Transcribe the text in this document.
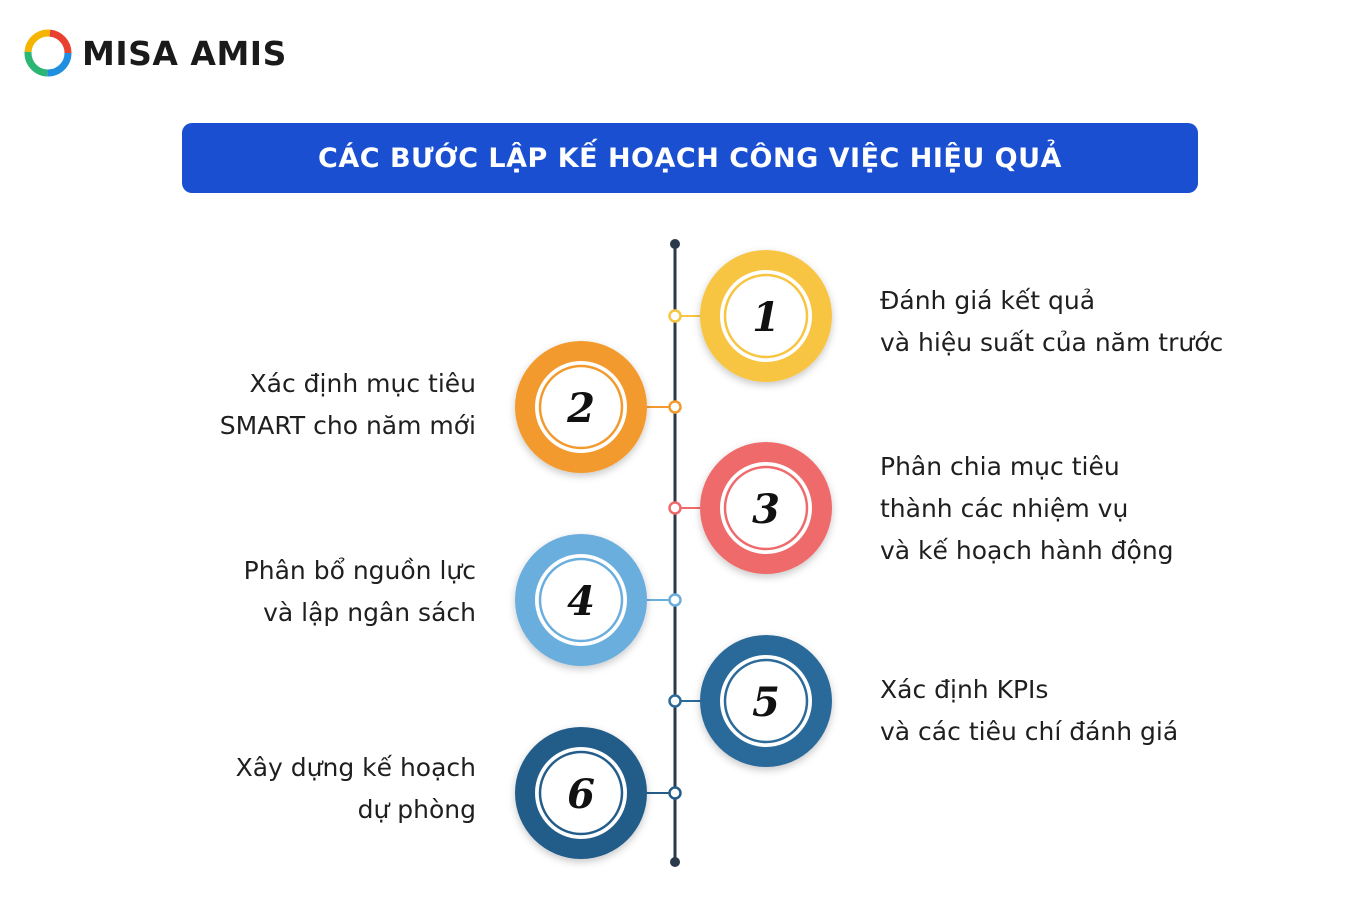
MISA AMIS
CÁC BƯỚC LẬP KẾ HOẠCH CÔNG VIỆC HIỆU QUẢ
1
2
3
4
5
6
Đánh giá kết quả
và hiệu suất của năm trước
Xác định mục tiêu
SMART cho năm mới
Phân chia mục tiêu
thành các nhiệm vụ
và kế hoạch hành động
Phân bổ nguồn lực
và lập ngân sách
Xác định KPIs
và các tiêu chí đánh giá
Xây dựng kế hoạch
dự phòng
